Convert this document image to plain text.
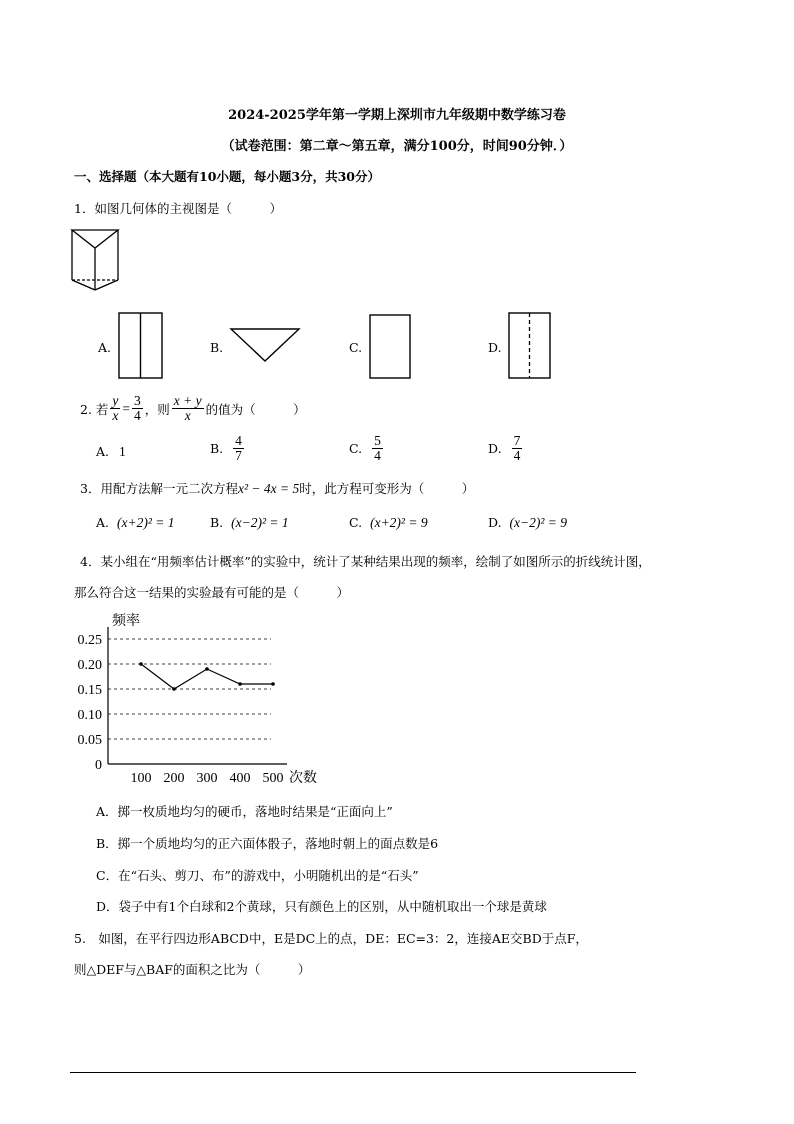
2024-2025学年第一学期上深圳市九年级期中数学练习卷
（试卷范围：第二章～第五章，满分100分，时间90分钟．）
一、选择题（本大题有10小题，每小题3分，共30分）
1．如图几何体的主视图是（　　　）
A.	B.	C.	D.
2. 若 $\frac{y}{x} = \frac{3}{4}$ ，则 $\frac{x + y}{x}$ 的值为（　　　）
A. 1	B. $\frac{4}{7}$	C. $\frac{5}{4}$	D. $\frac{7}{4}$
3．用配方法解一元二次方程x² − 4x = 5时，此方程可变形为（　　　）
A. (x+2)² = 1	B. (x−2)² = 1	C. (x+2)² = 9	D. (x−2)² = 9
4．某小组在“用频率估计概率”的实验中，统计了某种结果出现的频率，绘制了如图所示的折线统计图，
那么符合这一结果的实验最有可能的是（　　　）
0
0.05
0.10
0.15
0.20
0.25
100 200 300 400 500
频率
次数
A．掷一枚质地均匀的硬币，落地时结果是“正面向上”
B．掷一个质地均匀的正六面体骰子，落地时朝上的面点数是6
C．在“石头、剪刀、布”的游戏中，小明随机出的是“石头”
D．袋子中有1个白球和2个黄球，只有颜色上的区别，从中随机取出一个球是黄球
5.　如图，在平行四边形ABCD中，E是DC上的点，DE：EC=3：2，连接AE交BD于点F，
则△DEF与△BAF的面积之比为（　　　）
